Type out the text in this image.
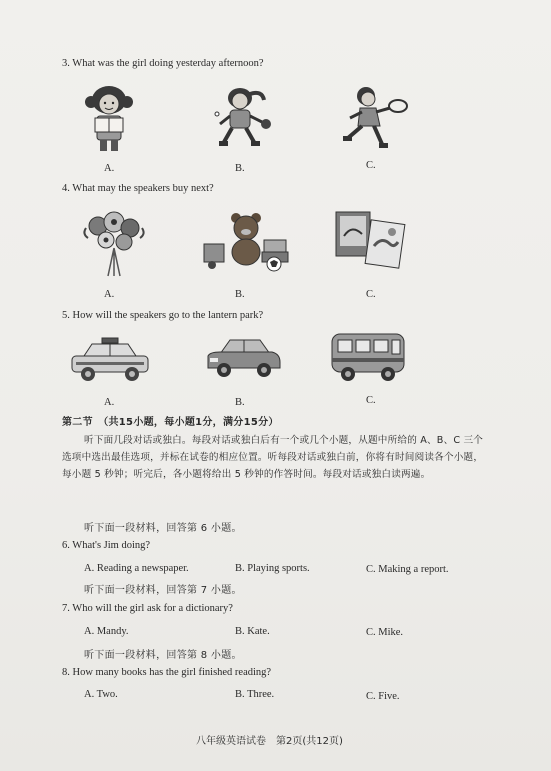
3. What was the girl doing yesterday afternoon?
A.	B.	C.
4. What may the speakers buy next?
A.	B.	C.
5. How will the speakers go to the lantern park?
A.	B.	C.
第二节　（共15小题，每小题1分，满分15分）
听下面几段对话或独白。每段对话或独白后有一个或几个小题，从题中所给的 A、B、C 三个选项中选出最佳选项，并标在试卷的相应位置。听每段对话或独白前，你将有时间阅读各个小题，每小题 5 秒钟；听完后，各小题将给出 5 秒钟的作答时间。每段对话或独白读两遍。
听下面一段材料，回答第 6 小题。
6. What's Jim doing?
A. Reading a newspaper.	B. Playing sports.	C. Making a report.
听下面一段材料，回答第 7 小题。
7. Who will the girl ask for a dictionary?
A. Mandy.	B. Kate.	C. Mike.
听下面一段材料，回答第 8 小题。
8. How many books has the girl finished reading?
A. Two.	B. Three.	C. Five.
八年级英语试卷　第2页(共12页)
